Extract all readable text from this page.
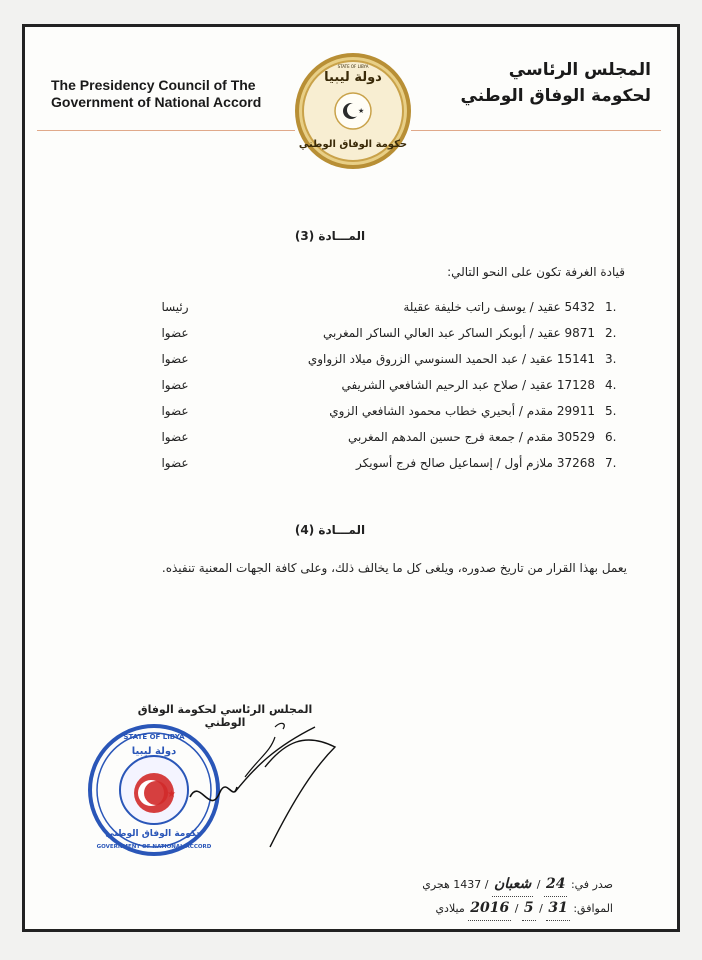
The Presidency Council of The Government of National Accord
المجلس الرئاسي
لحكومة الوفاق الوطني
★
دولة ليبيا
STATE OF LIBYA
حكومة الوفاق الوطني
المـــادة (3)
قيادة الغرفة تكون على النحو التالي:
1.
5432 عقيد / يوسف راتب خليفة عقيلة
رئيسا
2.
9871 عقيد / أبوبكر الساكر عبد العالي الساكر المغربي
عضوا
3.
15141 عقيد / عبد الحميد السنوسي الزروق ميلاد الزواوي
عضوا
4.
17128 عقيد / صلاح عبد الرحيم الشافعي الشريفي
عضوا
5.
29911 مقدم / أبحيري خطاب محمود الشافعي الزوي
عضوا
6.
30529 مقدم / جمعة فرج حسين المدهم المغربي
عضوا
7.
37268 ملازم أول / إسماعيل صالح فرج أسويكر
عضوا
المـــادة (4)
يعمل بهذا القرار من تاريخ صدوره، ويلغى كل ما يخالف ذلك، وعلى كافة الجهات المعنية تنفيذه.
المجلس الرئاسي لحكومة الوفاق الوطني
★
STATE OF LIBYA
دولة ليبيا
حكومة الوفاق الوطني
GOVERNMENT OF NATIONAL ACCORD
صدر في: 24 / شعبان / 1437 هجري
الموافق: 31 / 5 / 2016 ميلادي
